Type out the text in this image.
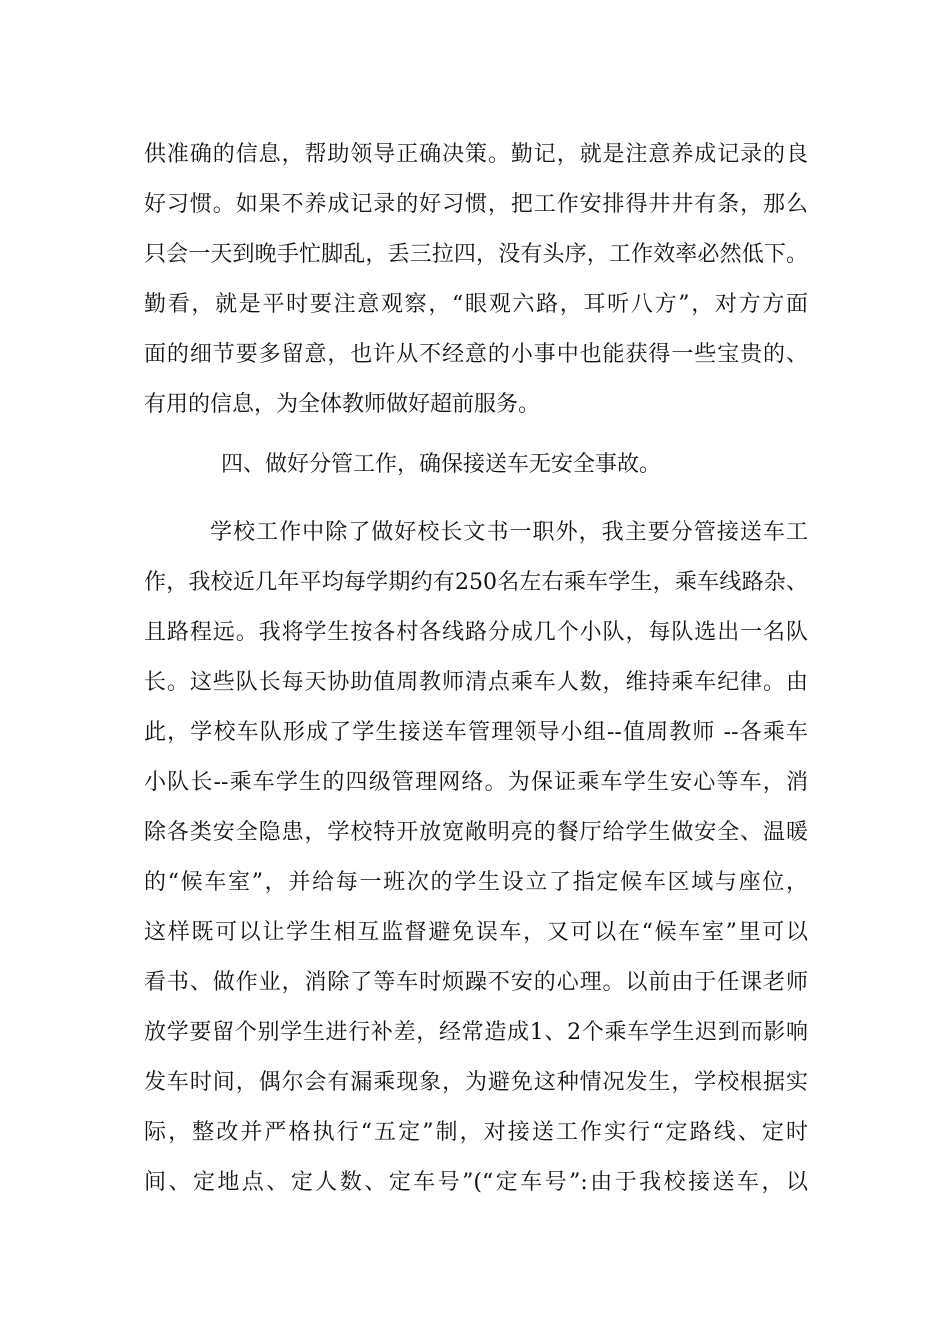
供准确的信息，帮助领导正确决策。勤记，就是注意养成记录的良
好习惯。如果不养成记录的好习惯，把工作安排得井井有条，那么
只会一天到晚手忙脚乱，丢三拉四，没有头序，工作效率必然低下。
勤看，就是平时要注意观察，“眼观六路，耳听八方”，对方方面
面的细节要多留意，也许从不经意的小事中也能获得一些宝贵的、
有用的信息，为全体教师做好超前服务。
四、做好分管工作，确保接送车无安全事故。
学校工作中除了做好校长文书一职外，我主要分管接送车工
作，我校近几年平均每学期约有250名左右乘车学生，乘车线路杂、
且路程远。我将学生按各村各线路分成几个小队，每队选出一名队
长。这些队长每天协助值周教师清点乘车人数，维持乘车纪律。由
此，学校车队形成了学生接送车管理领导小组--值周教师 --各乘车
小队长--乘车学生的四级管理网络。为保证乘车学生安心等车，消
除各类安全隐患，学校特开放宽敞明亮的餐厅给学生做安全、温暖
的“候车室”，并给每一班次的学生设立了指定候车区域与座位，
这样既可以让学生相互监督避免误车，又可以在“候车室”里可以
看书、做作业，消除了等车时烦躁不安的心理。以前由于任课老师
放学要留个别学生进行补差，经常造成1、2个乘车学生迟到而影响
发车时间，偶尔会有漏乘现象，为避免这种情况发生，学校根据实
际，整改并严格执行“五定”制，对接送工作实行“定路线、定时
间、定地点、定人数、定车号”(“定车号”:由于我校接送车，以
